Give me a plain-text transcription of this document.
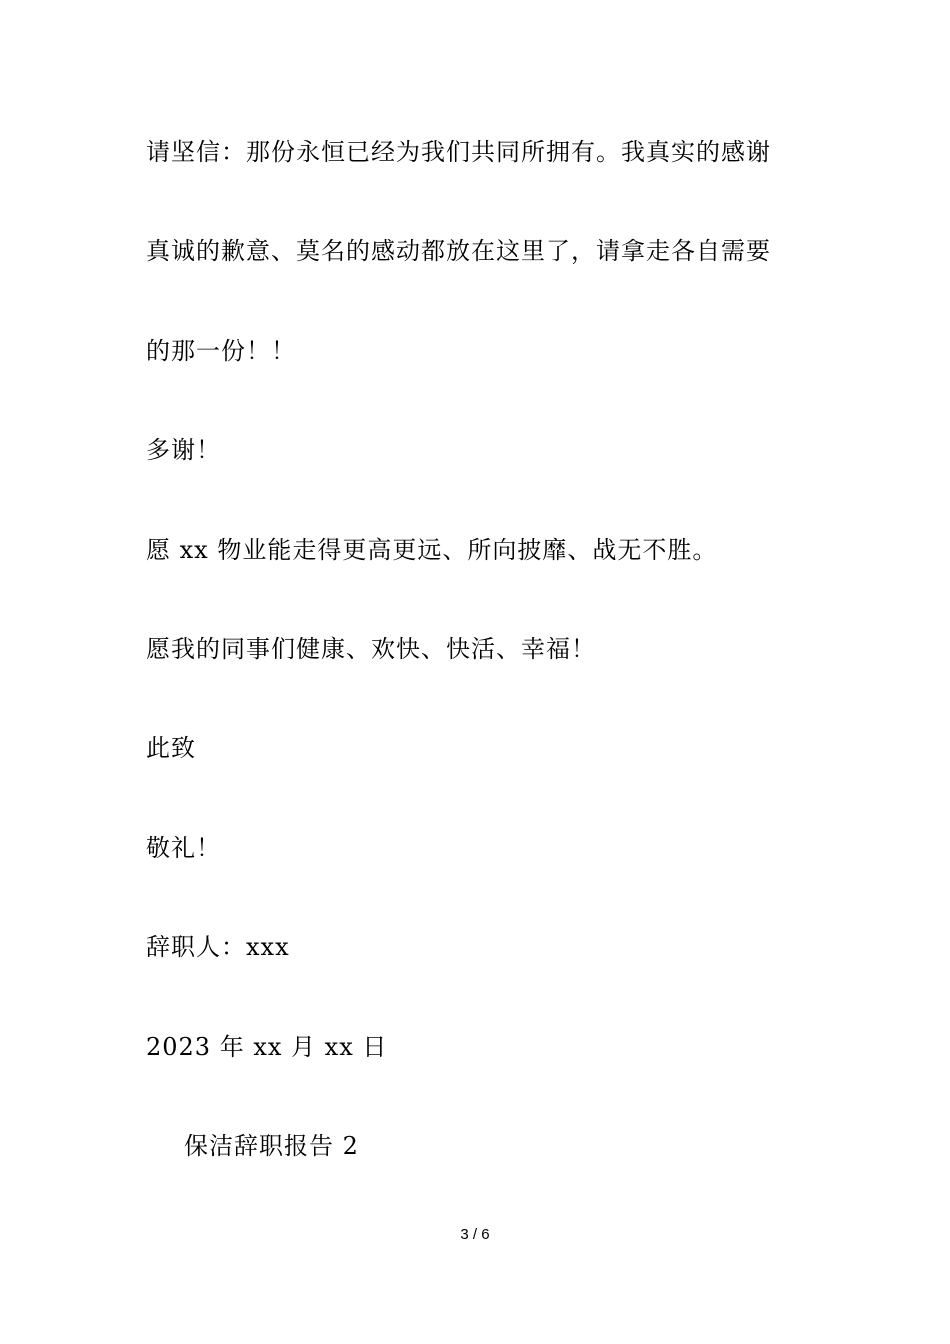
请坚信：那份永恒已经为我们共同所拥有。我真实的感谢
真诚的歉意、莫名的感动都放在这里了，请拿走各自需要
的那一份！！
多谢！
愿 xx 物业能走得更高更远、所向披靡、战无不胜。
愿我的同事们健康、欢快、快活、幸福！
此致
敬礼！
辞职人：xxx
2023 年 xx 月 xx 日
保洁辞职报告 2
3 / 6
